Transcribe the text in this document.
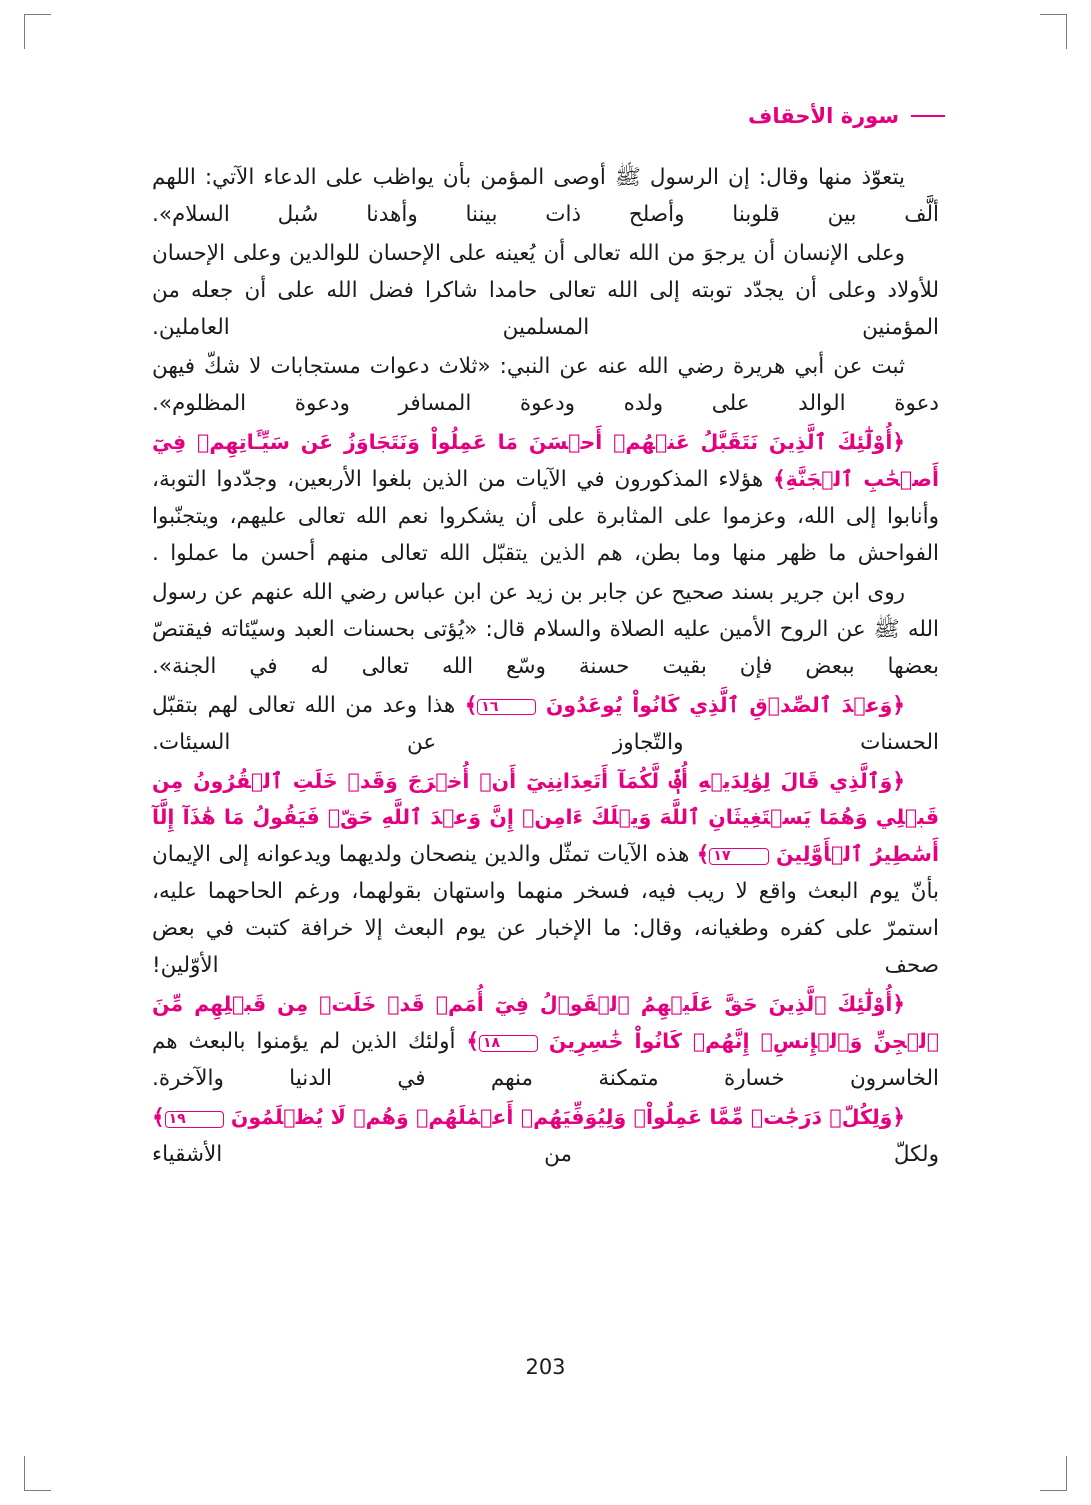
سورة الأحقاف

يتعوّذ منها وقال: إن الرسول ﷺ أوصى المؤمن بأن يواظب على الدعاء الآتي: اللهم ألَّف بين قلوبنا وأصلح ذات بيننا وأهدنا سُبل السلام».

وعلى الإنسان أن يرجوَ من الله تعالى أن يُعينه على الإحسان للوالدين وعلى الإحسان للأولاد وعلى أن يجدّد توبته إلى الله تعالى حامدا شاكرا فضل الله على أن جعله من المؤمنين المسلمين العاملين.

ثبت عن أبي هريرة رضي الله عنه عن النبي: «ثلاث دعوات مستجابات لا شكّ فيهن دعوة الوالد على ولده ودعوة المسافر ودعوة المظلوم».

﴿أُوْلَٰٓئِكَ ٱلَّذِينَ نَتَقَبَّلُ عَنۡهُمۡ أَحۡسَنَ مَا عَمِلُواْ وَنَتَجَاوَزُ عَن سَيِّـَٔاتِهِمۡ فِيٓ أَصۡحَٰبِ ٱلۡجَنَّةِ﴾ هؤلاء المذكورون في الآيات من الذين بلغوا الأربعين، وجدّدوا التوبة، وأنابوا إلى الله، وعزموا على المثابرة على أن يشكروا نعم الله تعالى عليهم، ويتجنّبوا الفواحش ما ظهر منها وما بطن، هم الذين يتقبّل الله تعالى منهم أحسن ما عملوا .

روى ابن جرير بسند صحيح عن جابر بن زيد عن ابن عباس رضي الله عنهم عن رسول الله ﷺ عن الروح الأمين عليه الصلاة والسلام قال: «يُؤتى بحسنات العبد وسيّئاته فيقتصّ بعضها ببعض فإن بقيت حسنة وسّع الله تعالى له في الجنة».

﴿وَعۡدَ ٱلصِّدۡقِ ٱلَّذِي كَانُواْ يُوعَدُونَ ١٦﴾ هذا وعد من الله تعالى لهم بتقبّل الحسنات والتّجاوز عن السيئات.

﴿وَٱلَّذِي قَالَ لِوَٰلِدَيۡهِ أُفّٖ لَّكُمَآ أَتَعِدَانِنِيٓ أَنۡ أُخۡرَجَ وَقَدۡ خَلَتِ ٱلۡقُرُونُ مِن قَبۡلِي وَهُمَا يَسۡتَغِيثَانِ ٱللَّهَ وَيۡلَكَ ءَامِنۡ إِنَّ وَعۡدَ ٱللَّهِ حَقّٞ فَيَقُولُ مَا هَٰذَآ إِلَّآ أَسَٰطِيرُ ٱلۡأَوَّلِينَ ١٧﴾ هذه الآيات تمثّل والدين ينصحان ولديهما ويدعوانه إلى الإيمان بأنّ يوم البعث واقع لا ريب فيه، فسخر منهما واستهان بقولهما، ورغم الحاحهما عليه، استمرّ على كفره وطغيانه، وقال: ما الإخبار عن يوم البعث إلا خرافة كتبت في بعض صحف الأوّلين!

﴿أُوْلَٰٓئِكَ ٱلَّذِينَ حَقَّ عَلَيۡهِمُ ٱلۡقَوۡلُ فِيٓ أُمَمٖ قَدۡ خَلَتۡ مِن قَبۡلِهِم مِّنَ ٱلۡجِنِّ وَٱلۡإِنسِۖ إِنَّهُمۡ كَانُواْ خَٰسِرِينَ ١٨﴾ أولئك الذين لم يؤمنوا بالبعث هم الخاسرون خسارة متمكنة منهم في الدنيا والآخرة.

﴿وَلِكُلّٖ دَرَجَٰتٞ مِّمَّا عَمِلُواْۖ وَلِيُوَفِّيَهُمۡ أَعۡمَٰلَهُمۡ وَهُمۡ لَا يُظۡلَمُونَ ١٩﴾ ولكلّ من الأشقياء

203
